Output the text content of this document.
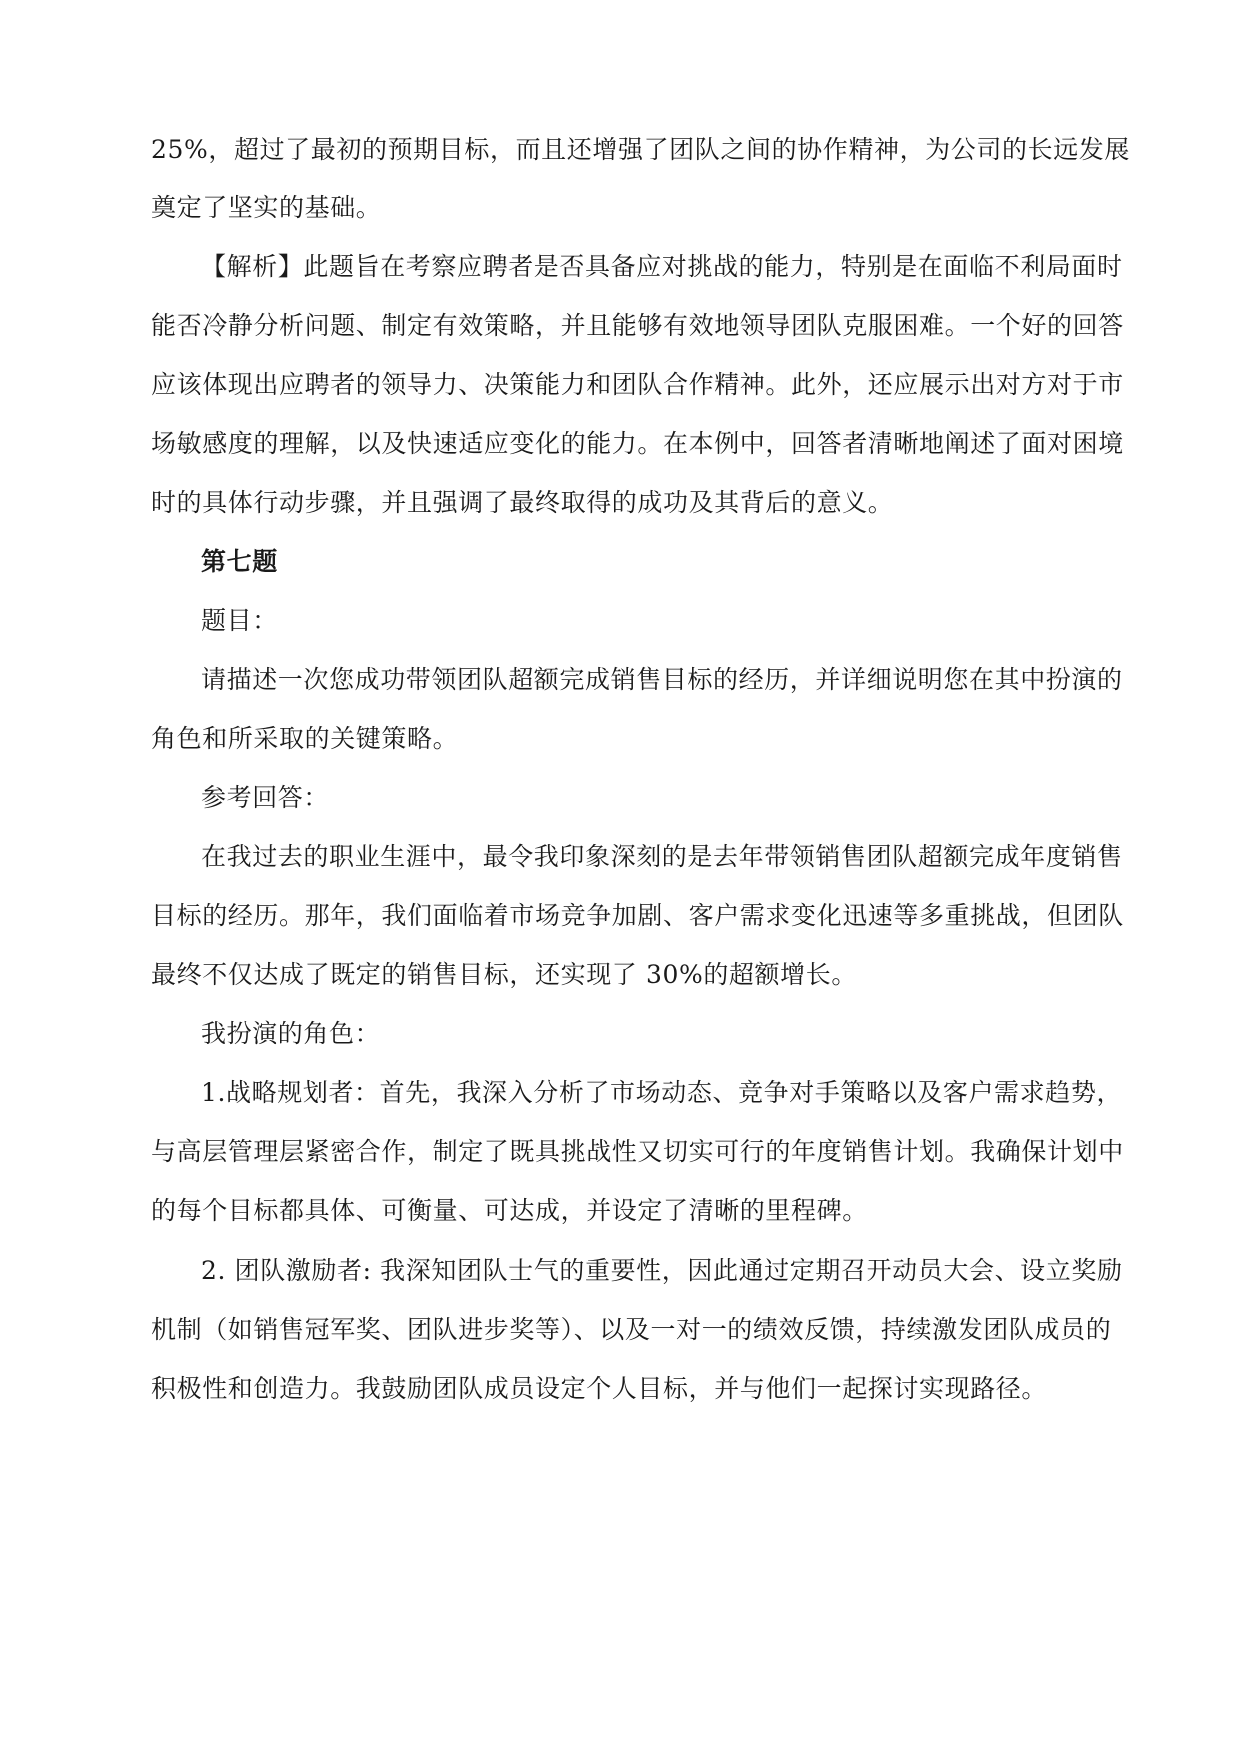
25%，超过了最初的预期目标，而且还增强了团队之间的协作精神，为公司的长远发展
奠定了坚实的基础。
【解析】此题旨在考察应聘者是否具备应对挑战的能力，特别是在面临不利局面时
能否冷静分析问题、制定有效策略，并且能够有效地领导团队克服困难。一个好的回答
应该体现出应聘者的领导力、决策能力和团队合作精神。此外，还应展示出对方对于市
场敏感度的理解，以及快速适应变化的能力。在本例中，回答者清晰地阐述了面对困境
时的具体行动步骤，并且强调了最终取得的成功及其背后的意义。
第七题
题目：
请描述一次您成功带领团队超额完成销售目标的经历，并详细说明您在其中扮演的
角色和所采取的关键策略。
参考回答：
在我过去的职业生涯中，最令我印象深刻的是去年带领销售团队超额完成年度销售
目标的经历。那年，我们面临着市场竞争加剧、客户需求变化迅速等多重挑战，但团队
最终不仅达成了既定的销售目标，还实现了 30%的超额增长。
我扮演的角色：
1.战略规划者：首先，我深入分析了市场动态、竞争对手策略以及客户需求趋势，
与高层管理层紧密合作，制定了既具挑战性又切实可行的年度销售计划。我确保计划中
的每个目标都具体、可衡量、可达成，并设定了清晰的里程碑。
2. 团队激励者: 我深知团队士气的重要性，因此通过定期召开动员大会、设立奖励
机制（如销售冠军奖、团队进步奖等）、以及一对一的绩效反馈，持续激发团队成员的
积极性和创造力。我鼓励团队成员设定个人目标，并与他们一起探讨实现路径。
